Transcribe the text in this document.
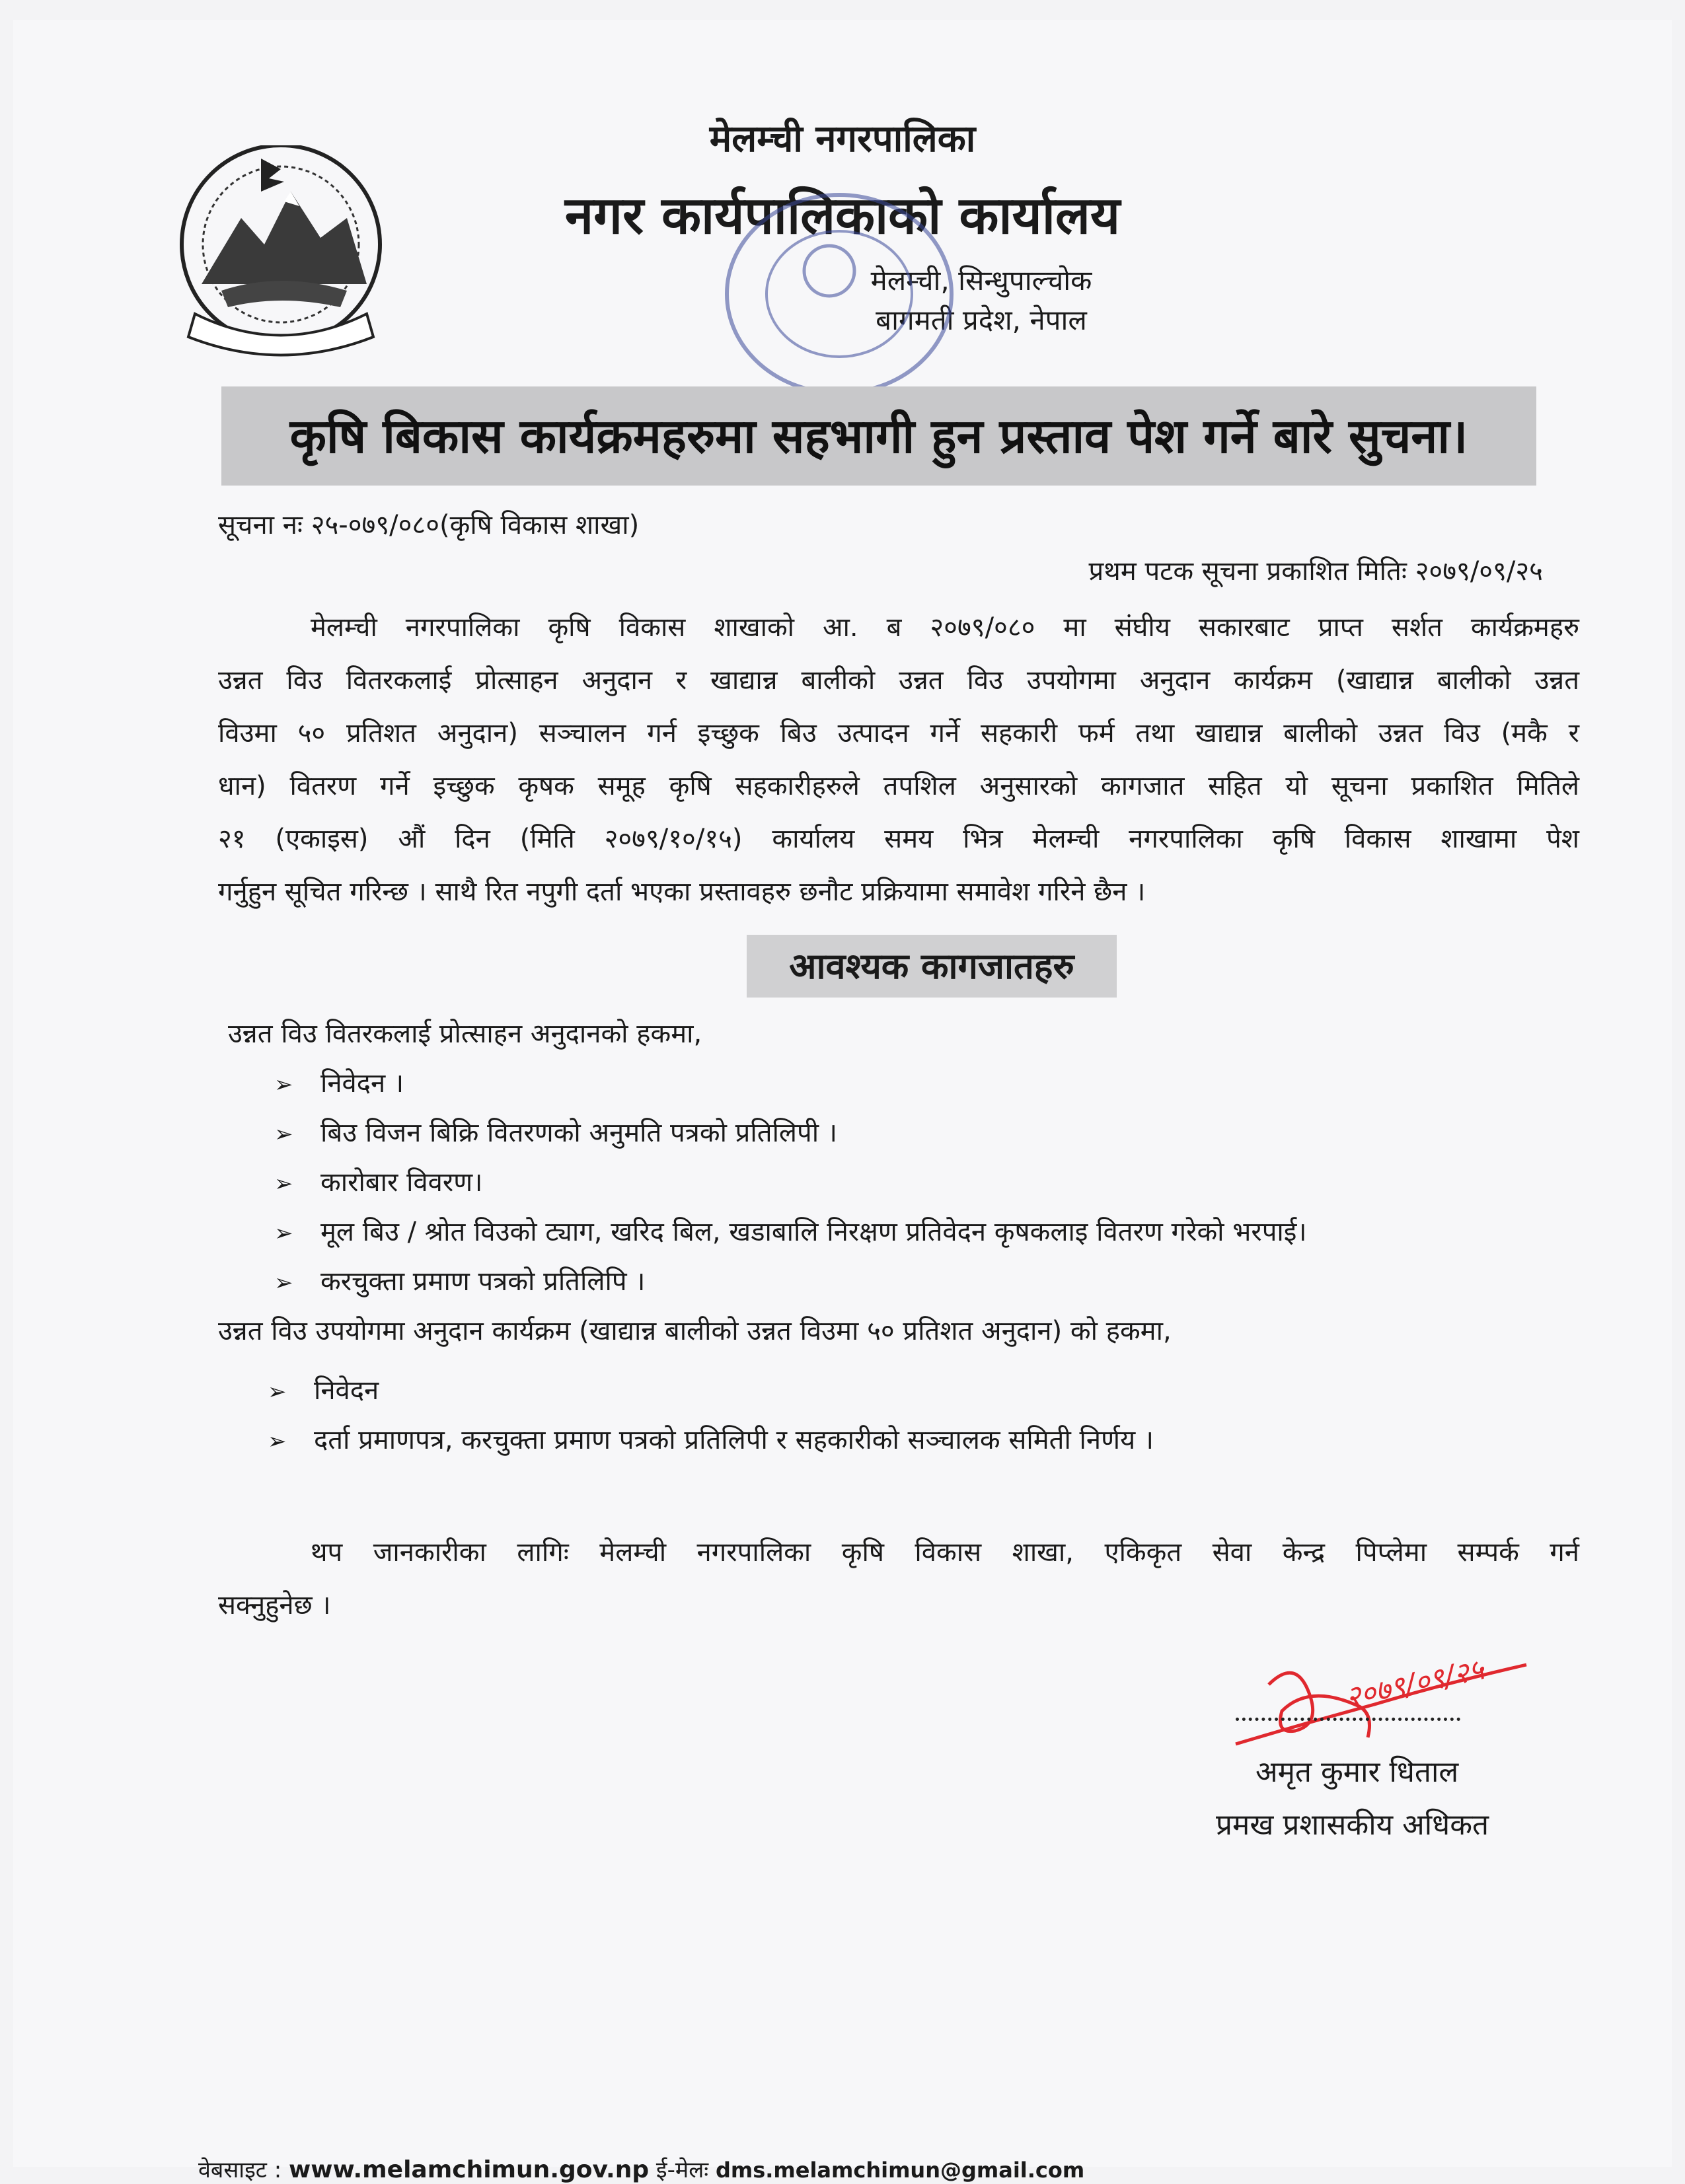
मेलम्ची नगरपालिका

नगर कार्यपालिकाको कार्यालय

मेलम्ची, सिन्धुपाल्चोक

बागमती प्रदेश, नेपाल

कृषि बिकास कार्यक्रमहरुमा सहभागी हुन प्रस्ताव पेश गर्ने बारे सुचना।

सूचना नः २५-०७९/०८०(कृषि विकास शाखा)

प्रथम पटक सूचना प्रकाशित मितिः २०७९/०९/२५

मेलम्ची नगरपालिका कृषि विकास शाखाको आ. ब २०७९/०८० मा संघीय सकारबाट प्राप्त सर्शत कार्यक्रमहरु

उन्नत विउ वितरकलाई प्रोत्साहन अनुदान र खाद्यान्न बालीको उन्नत विउ उपयोगमा अनुदान कार्यक्रम (खाद्यान्न बालीको उन्नत

विउमा ५० प्रतिशत अनुदान) सञ्चालन गर्न इच्छुक बिउ उत्पादन गर्ने सहकारी फर्म तथा खाद्यान्न बालीको उन्नत विउ (मकै र

धान) वितरण गर्ने इच्छुक कृषक समूह कृषि सहकारीहरुले तपशिल अनुसारको कागजात सहित यो सूचना प्रकाशित मितिले

२१ (एकाइस) औं दिन (मिति २०७९/१०/१५) कार्यालय समय भित्र मेलम्ची नगरपालिका कृषि विकास शाखामा पेश

गर्नुहुन सूचित गरिन्छ । साथै रित नपुगी दर्ता भएका प्रस्तावहरु छनौट प्रक्रियामा समावेश गरिने छैन ।

आवश्यक कागजातहरु

उन्नत विउ वितरकलाई प्रोत्साहन अनुदानको हकमा,

➢ निवेदन ।

➢ बिउ विजन बिक्रि वितरणको अनुमति पत्रको प्रतिलिपी ।

➢ कारोबार विवरण।

➢ मूल बिउ / श्रोत विउको ट्याग, खरिद बिल, खडाबालि निरक्षण प्रतिवेदन कृषकलाइ वितरण गरेको भरपाई।

➢ करचुक्ता प्रमाण पत्रको प्रतिलिपि ।

उन्नत विउ उपयोगमा अनुदान कार्यक्रम (खाद्यान्न बालीको उन्नत विउमा ५० प्रतिशत अनुदान) को हकमा,

➢ निवेदन

➢ दर्ता प्रमाणपत्र, करचुक्ता प्रमाण पत्रको प्रतिलिपी र सहकारीको सञ्चालक समिती निर्णय ।

थप जानकारीका लागिः मेलम्ची नगरपालिका कृषि विकास शाखा, एकिकृत सेवा केन्द्र पिप्लेमा सम्पर्क गर्न

सक्नुहुनेछ ।

२०७९/०९/२५

अमृत कुमार धिताल

प्रमख प्रशासकीय अधिकत

वेबसाइट : www.melamchimun.gov.np ई-मेलः dms.melamchimun@gmail.com
